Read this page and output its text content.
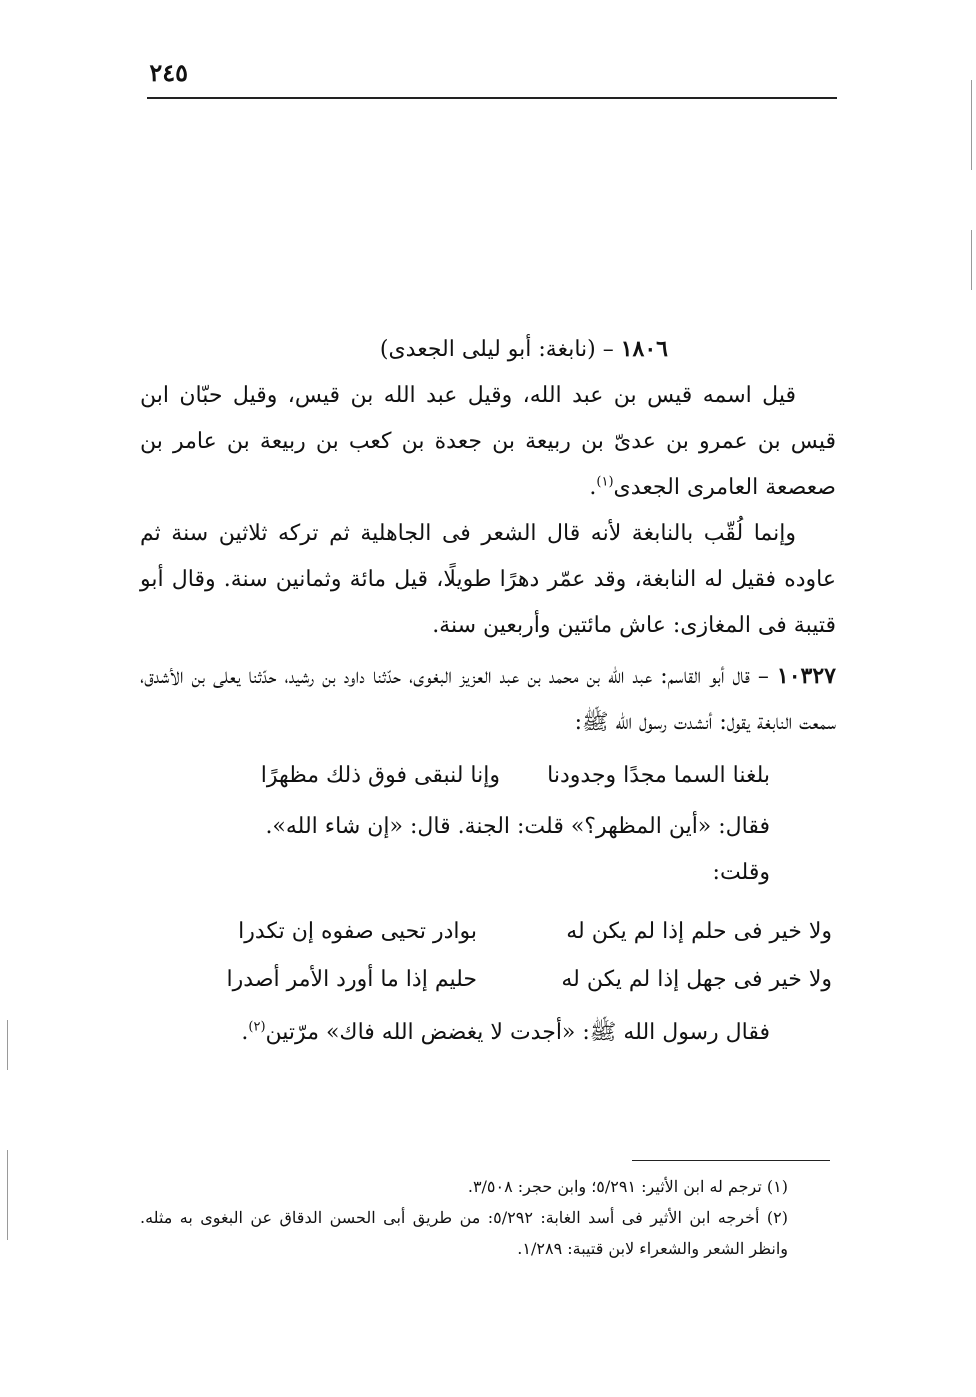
٢٤٥

١٨٠٦ – (نابغة: أبو ليلى الجعدى)

قيل اسمه قيس بن عبد الله، وقيل عبد الله بن قيس، وقيل حبّان ابن قيس بن عمرو بن عدىّ بن ربيعة بن جعدة بن كعب بن ربيعة بن عامر بن صعصعة العامرى الجعدى$^{(١)}$.

وإنما لُقّب بالنابغة لأنه قال الشعر فى الجاهلية ثم تركه ثلاثين سنة ثم عاوده فقيل له النابغة، وقد عمّر دهرًا طويلًا، قيل مائة وثمانين سنة. وقال أبو قتيبة فى المغازى: عاش مائتين وأربعين سنة.

١٠٣٢٧ – قال أبو القاسم: عبد الله بن محمد بن عبد العزيز البغوى، حدّثنا داود بن رشيد، حدّثنا يعلى بن الأشدق، سمعت النابغة يقول: أنشدت رسول الله ﷺ:

بلغنا السما مجدًا وجدودنا
وإنا لنبقى فوق ذلك مظهرًا

فقال: «أين المظهر؟» قلت: الجنة. قال: «إن شاء الله».

وقلت:

ولا خير فى حلم إذا لم يكن له
بوادر تحيى صفوه إن تكدرا
ولا خير فى جهل إذا لم يكن له
حليم إذا ما أورد الأمر أصدرا

فقال رسول الله ﷺ: «أجدت لا يغضض الله فاك» مرّتين$^{(٢)}$.

(١) ترجم له ابن الأثير: ٥/٢٩١؛ وابن حجر: ٣/٥٠٨.

(٢) أخرجه ابن الأثير فى أسد الغابة: ٥/٢٩٢: من طريق أبى الحسن الدقاق عن البغوى به مثله. وانظر الشعر والشعراء لابن قتيبة: ١/٢٨٩.
